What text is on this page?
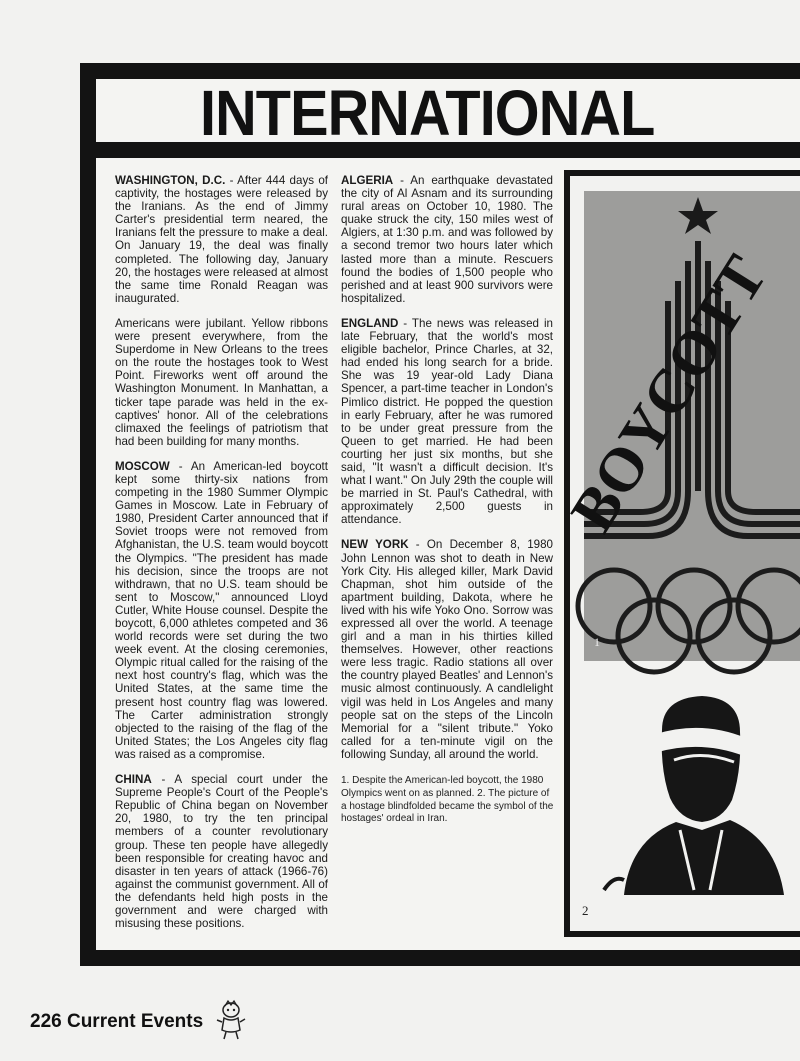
INTERNATIONAL

WASHINGTON, D.C. - After 444 days of captivity, the hostages were released by the Iranians. As the end of Jimmy Carter's presidential term neared, the Iranians felt the pressure to make a deal. On January 19, the deal was finally completed. The following day, January 20, the hostages were released at almost the same time Ronald Reagan was inaugurated.

Americans were jubilant. Yellow ribbons were present everywhere, from the Superdome in New Orleans to the trees on the route the hostages took to West Point. Fireworks went off around the Washington Monument. In Manhattan, a ticker tape parade was held in the ex-captives' honor. All of the celebrations climaxed the feelings of patriotism that had been building for many months.

MOSCOW - An American-led boycott kept some thirty-six nations from competing in the 1980 Summer Olympic Games in Moscow. Late in February of 1980, President Carter announced that if Soviet troops were not removed from Afghanistan, the U.S. team would boycott the Olympics. "The president has made his decision, since the troops are not withdrawn, that no U.S. team should be sent to Moscow," announced Lloyd Cutler, White House counsel. Despite the boycott, 6,000 athletes competed and 36 world records were set during the two week event. At the closing ceremonies, Olympic ritual called for the raising of the next host country's flag, which was the United States, at the same time the present host country flag was lowered. The Carter administration strongly objected to the raising of the flag of the United States; the Los Angeles city flag was raised as a compromise.

CHINA - A special court under the Supreme People's Court of the People's Republic of China began on November 20, 1980, to try the ten principal members of a counter revolutionary group. These ten people have allegedly been responsible for creating havoc and disaster in ten years of attack (1966-76) against the communist government. All of the defendants held high posts in the government and were charged with misusing these positions.

ALGERIA - An earthquake devastated the city of Al Asnam and its surrounding rural areas on October 10, 1980. The quake struck the city, 150 miles west of Algiers, at 1:30 p.m. and was followed by a second tremor two hours later which lasted more than a minute. Rescuers found the bodies of 1,500 people who perished and at least 900 survivors were hospitalized.

ENGLAND - The news was released in late February, that the world's most eligible bachelor, Prince Charles, at 32, had ended his long search for a bride. She was 19 year-old Lady Diana Spencer, a part-time teacher in London's Pimlico district. He popped the question in early February, after he was rumored to be under great pressure from the Queen to get married. He had been courting her just six months, but she said, "It wasn't a difficult decision. It's what I want." On July 29th the couple will be married in St. Paul's Cathedral, with approximately 2,500 guests in attendance.

NEW YORK - On December 8, 1980 John Lennon was shot to death in New York City. His alleged killer, Mark David Chapman, shot him outside of the apartment building, Dakota, where he lived with his wife Yoko Ono. Sorrow was expressed all over the world. A teenage girl and a man in his thirties killed themselves. However, other reactions were less tragic. Radio stations all over the country played Beatles' and Lennon's music almost continuously. A candlelight vigil was held in Los Angeles and many people sat on the steps of the Lincoln Memorial for a "silent tribute." Yoko called for a ten-minute vigil on the following Sunday, all around the world.

1. Despite the American-led boycott, the 1980 Olympics went on as planned. 2. The picture of a hostage blindfolded became the symbol of the hostages' ordeal in Iran.
BOYCOTT
1
2
226 Current Events
